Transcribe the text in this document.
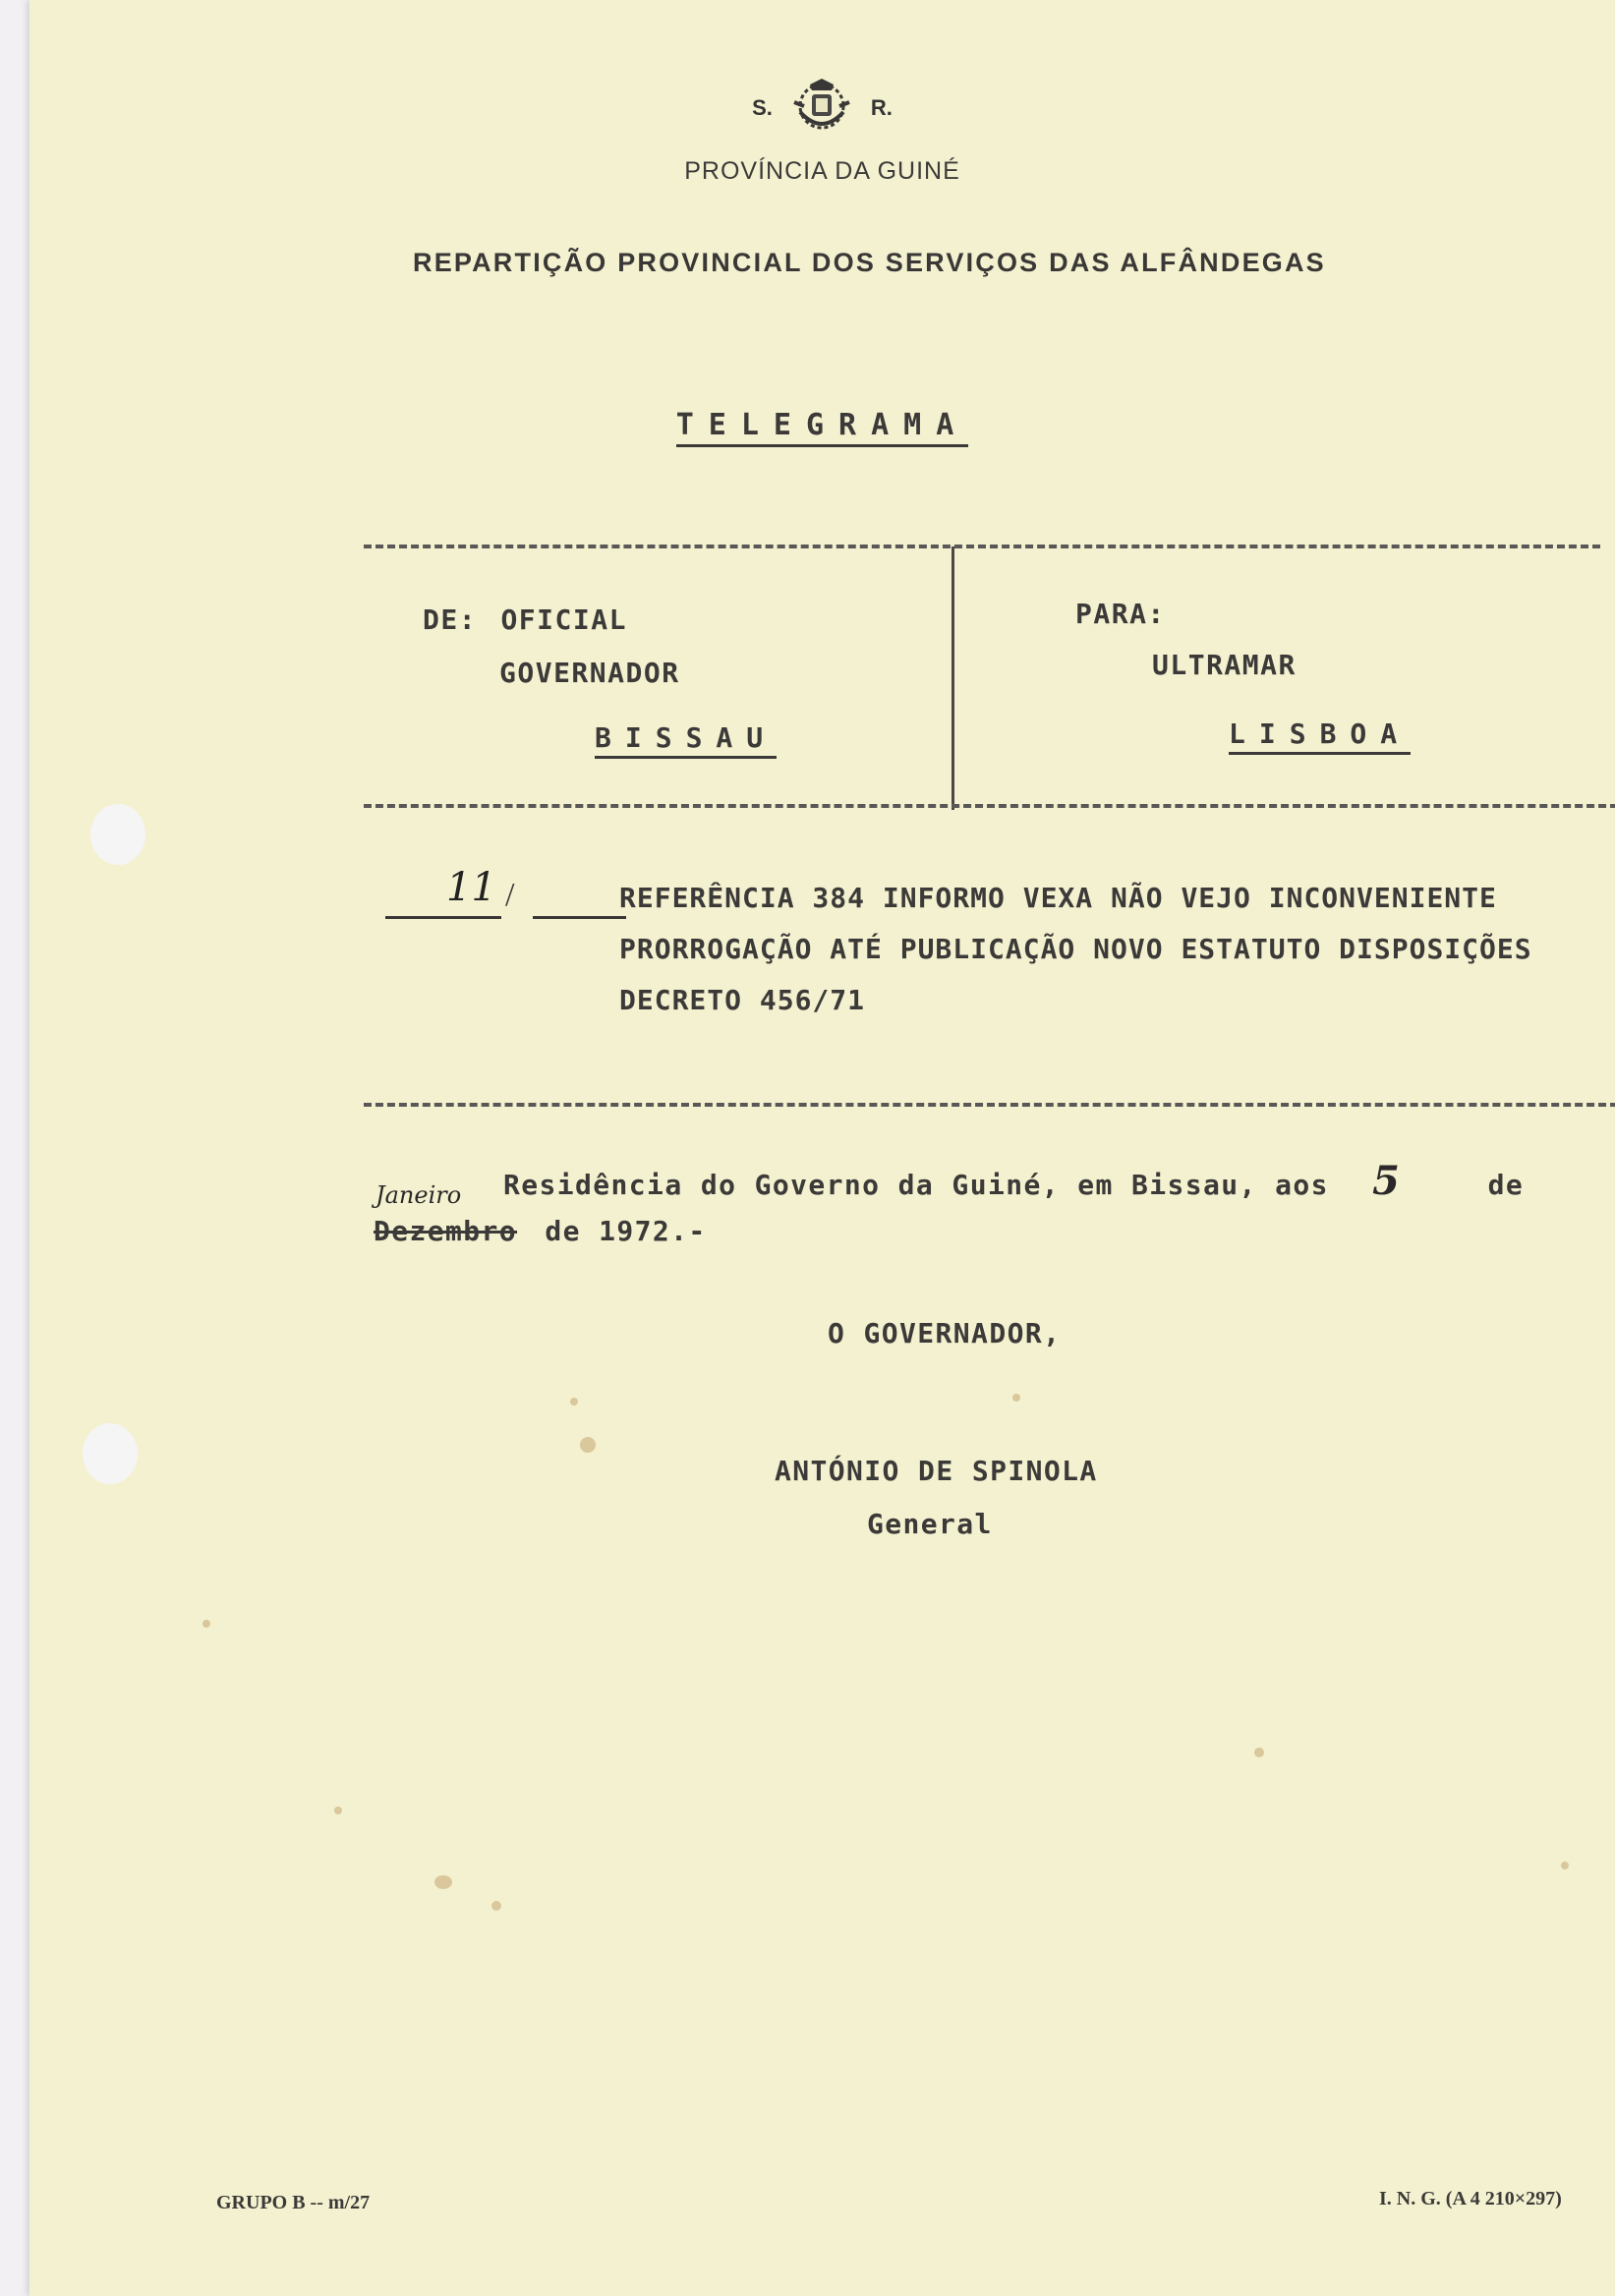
S.	R.
PROVÍNCIA DA GUINÉ
REPARTIÇÃO PROVINCIAL DOS SERVIÇOS DAS ALFÂNDEGAS
TELEGRAMA
DE: OFICIAL
GOVERNADOR
BISSAU
PARA:
ULTRAMAR
LISBOA
11 /	REFERÊNCIA 384 INFORMO VEXA NÃO VEJO INCONVENIENTE
PRORROGAÇÃO ATÉ PUBLICAÇÃO NOVO ESTATUTO DISPOSIÇÕES
DECRETO 456/71
Residência do Governo da Guiné, em Bissau, aos 5	de
Janeiro
Dezembro de 1972.-
O GOVERNADOR,
ANTÓNIO DE SPINOLA
General
GRUPO B -- m/27	I. N. G. (A 4 210×297)
